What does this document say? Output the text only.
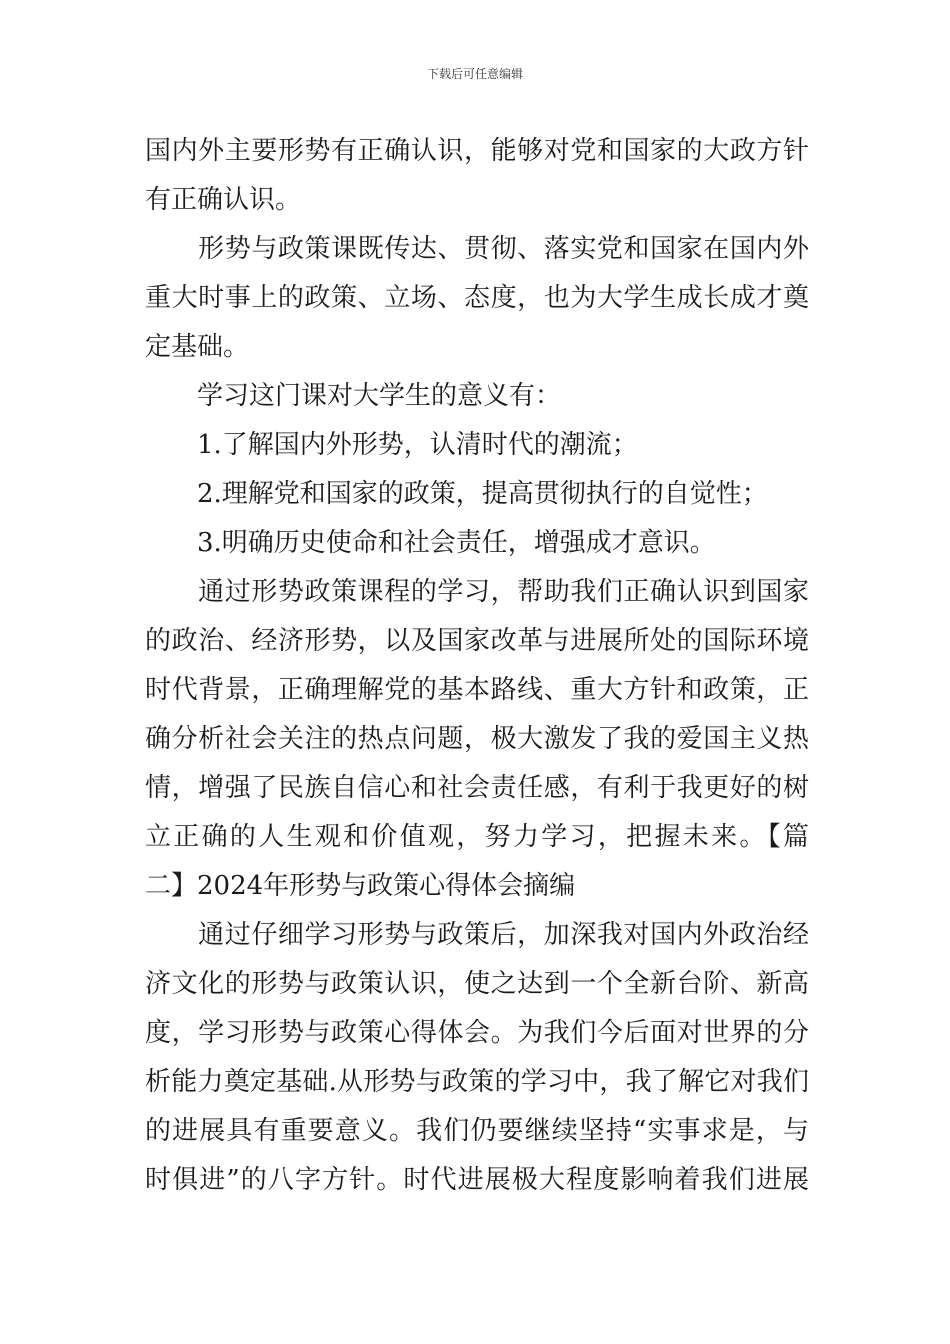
下载后可任意编辑
国内外主要形势有正确认识，能够对党和国家的大政方针
有正确认识。
　　形势与政策课既传达、贯彻、落实党和国家在国内外
重大时事上的政策、立场、态度，也为大学生成长成才奠
定基础。
　　学习这门课对大学生的意义有：
　　1.了解国内外形势，认清时代的潮流；
　　2.理解党和国家的政策，提高贯彻执行的自觉性；
　　3.明确历史使命和社会责任，增强成才意识。
　　通过形势政策课程的学习，帮助我们正确认识到国家
的政治、经济形势，以及国家改革与进展所处的国际环境
时代背景，正确理解党的基本路线、重大方针和政策，正
确分析社会关注的热点问题，极大激发了我的爱国主义热
情，增强了民族自信心和社会责任感，有利于我更好的树
立正确的人生观和价值观，努力学习，把握未来。【篇
二】2024年形势与政策心得体会摘编
　　通过仔细学习形势与政策后，加深我对国内外政治经
济文化的形势与政策认识，使之达到一个全新台阶、新高
度，学习形势与政策心得体会。为我们今后面对世界的分
析能力奠定基础.从形势与政策的学习中，我了解它对我们
的进展具有重要意义。我们仍要继续坚持“实事求是，与
时俱进”的八字方针。时代进展极大程度影响着我们进展
